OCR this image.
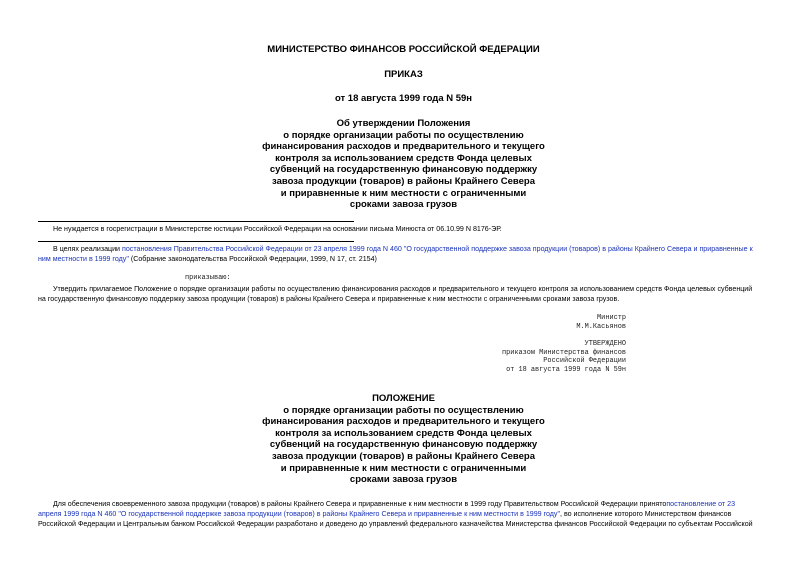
МИНИСТЕРСТВО ФИНАНСОВ РОССИЙСКОЙ ФЕДЕРАЦИИ
ПРИКАЗ
от 18 августа 1999 года N 59н
Об утверждении Положения
о порядке организации работы по осуществлению
финансирования расходов и предварительного и текущего
контроля за использованием средств Фонда целевых
субвенций на государственную финансовую поддержку
завоза продукции (товаров) в районы Крайнего Севера
и приравненные к ним местности с ограниченными
сроками завоза грузов
Не нуждается в госрегистрации в Министерстве юстиции Российской Федерации на основании письма Минюста от 06.10.99 N 8176-ЭР.
В целях реализации постановления Правительства Российской Федерации от 23 апреля 1999 года N 460 "О государственной поддержке завоза продукции (товаров) в районы Крайнего Севера и приравненные к
ним местности в 1999 году" (Собрание законодательства Российской Федерации, 1999, N 17, ст. 2154)
приказываю:
Утвердить прилагаемое Положение о порядке организации работы по осуществлению финансирования расходов и предварительного и текущего контроля за использованием средств Фонда целевых субвенций
на государственную финансовую поддержку завоза продукции (товаров) в районы Крайнего Севера и приравненные к ним местности с ограниченными сроками завоза грузов.
Министр
М.М.Касьянов
УТВЕРЖДЕНО
приказом Министерства финансов
Российской Федерации
от 18 августа 1999 года N 59н
ПОЛОЖЕНИЕ
о порядке организации работы по осуществлению
финансирования расходов и предварительного и текущего
контроля за использованием средств Фонда целевых
субвенций на государственную финансовую поддержку
завоза продукции (товаров) в районы Крайнего Севера
и приравненные к ним местности с ограниченными
сроками завоза грузов
Для обеспечения своевременного завоза продукции (товаров) в районы Крайнего Севера и приравненные к ним местности в 1999 году Правительством Российской Федерации принятопостановление от 23
апреля 1999 года N 460 "О государственной поддержке завоза продукции (товаров) в районы Крайнего Севера и приравненные к ним местности в 1999 году", во исполнение которого Министерством финансов
Российской Федерации и Центральным банком Российской Федерации разработано и доведено до управлений федерального казначейства Министерства финансов Российской Федерации по субъектам Российской
